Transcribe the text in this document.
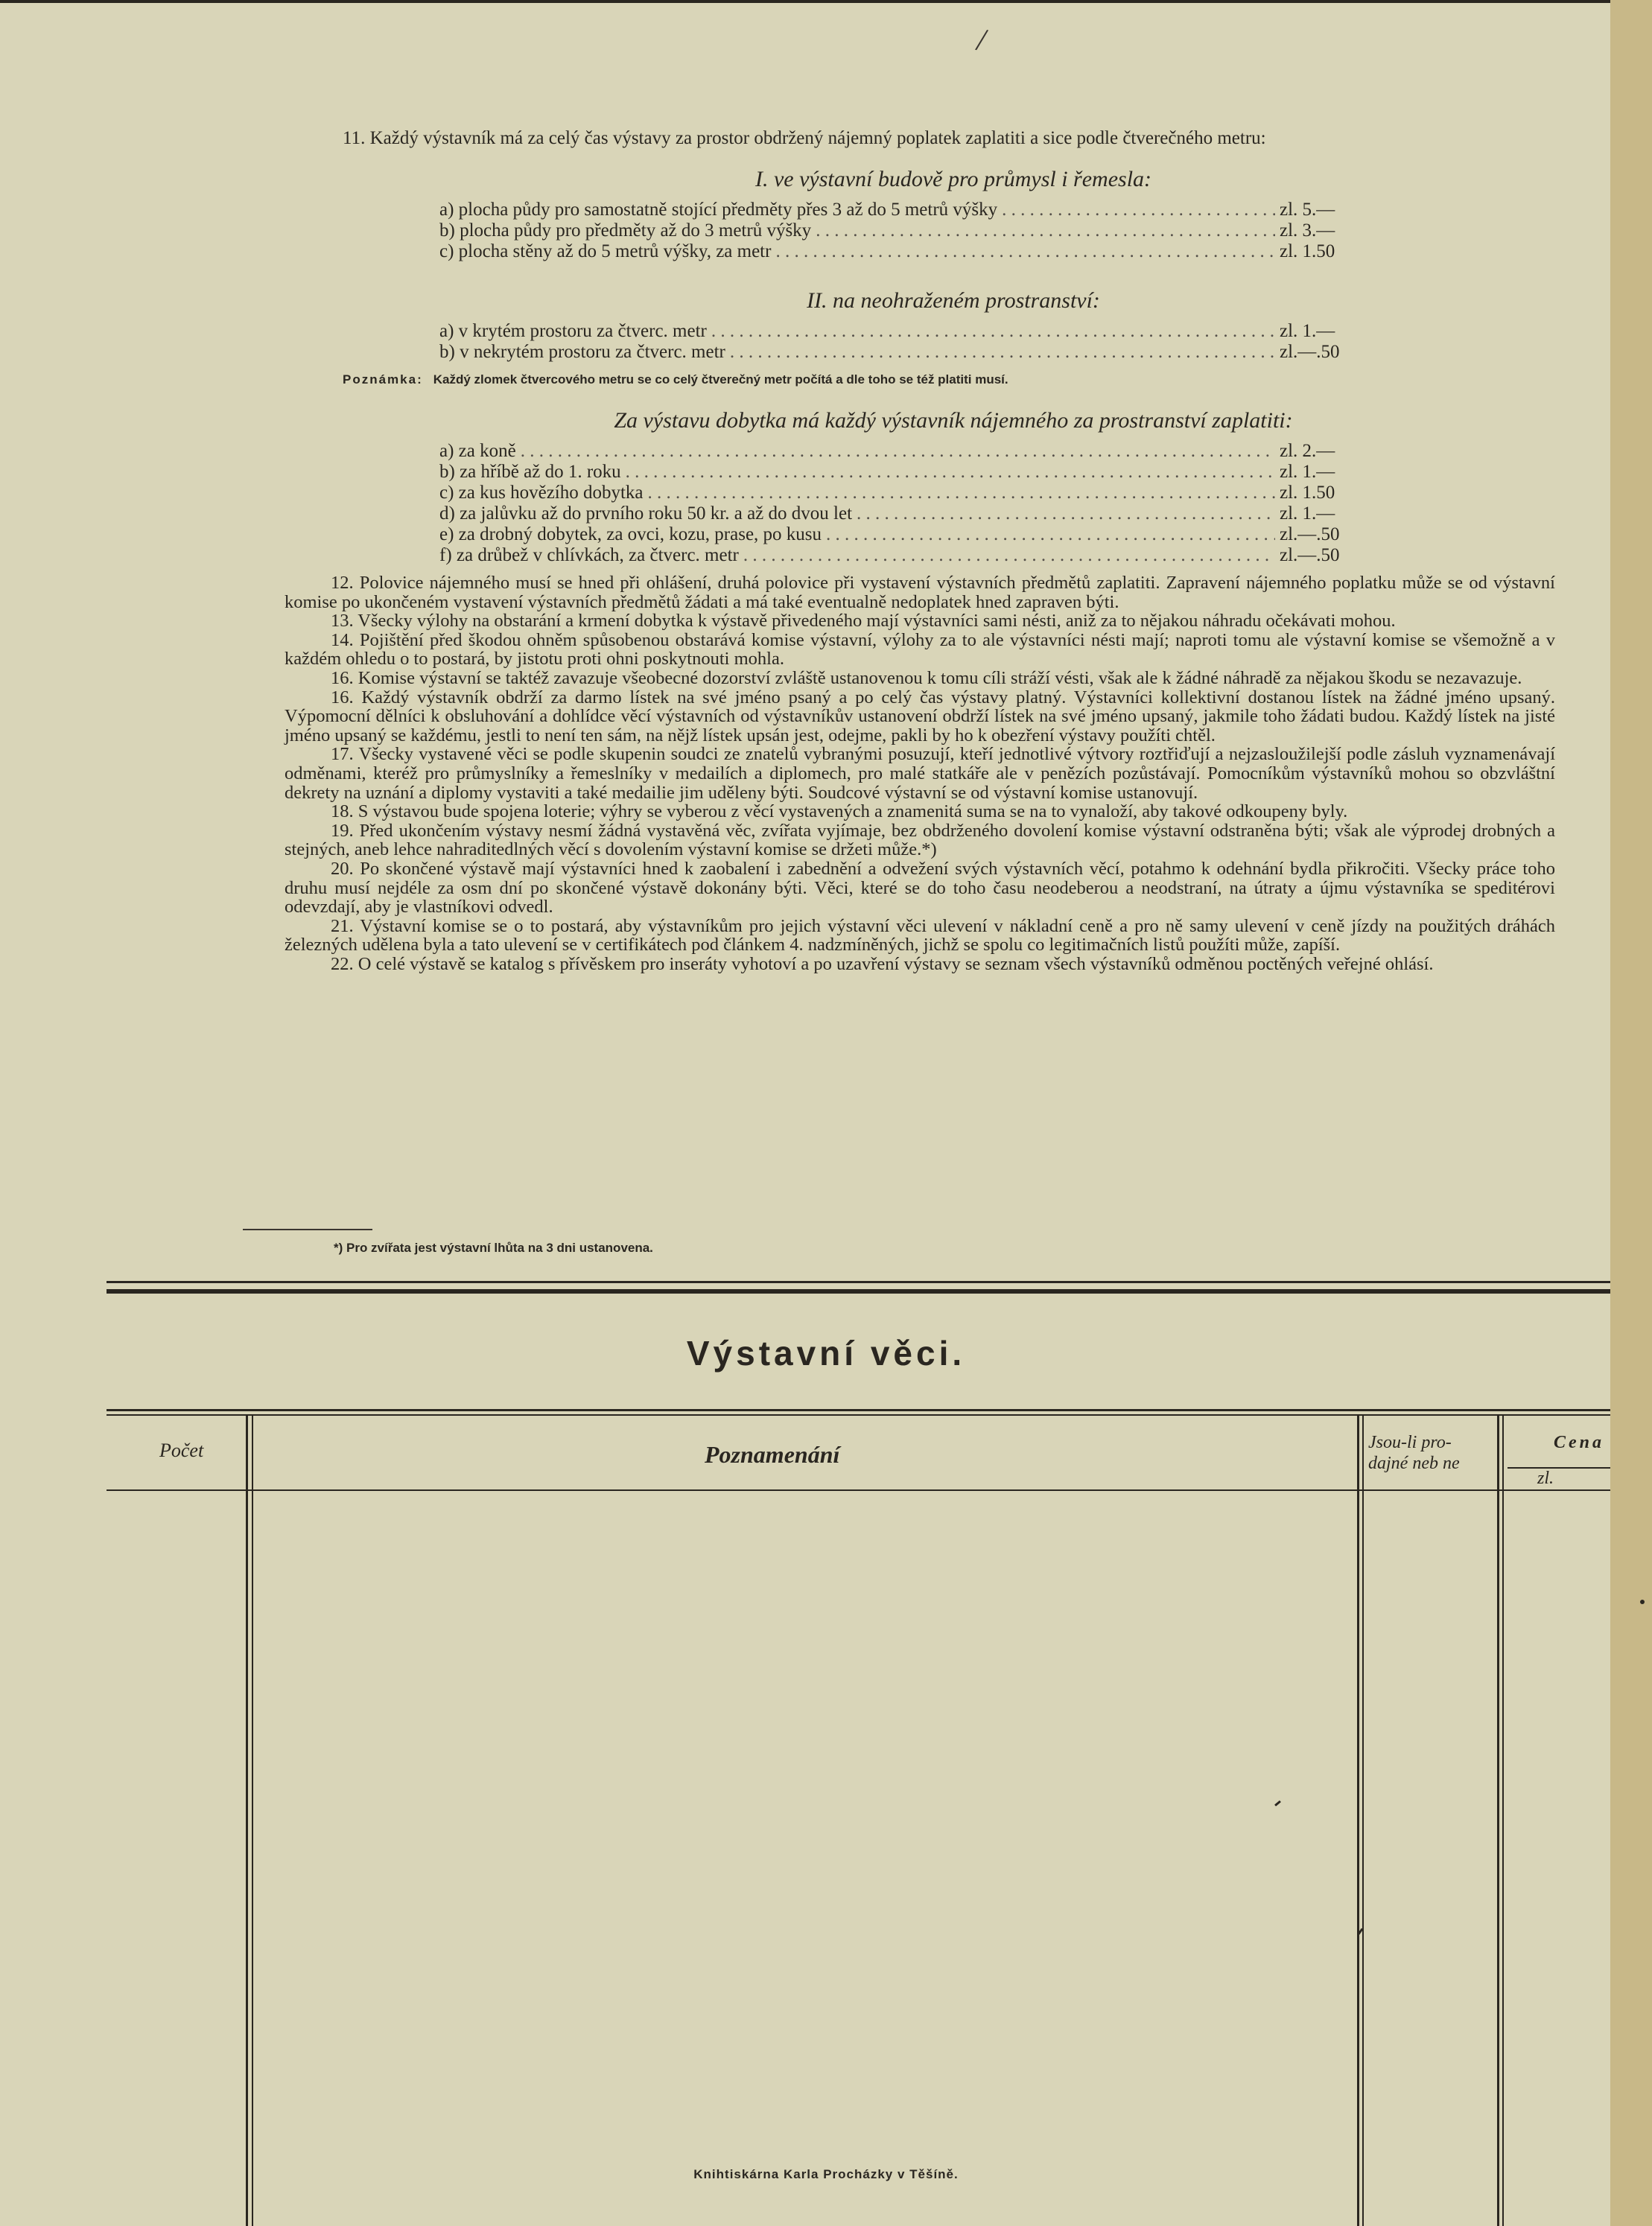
/
11. Každý výstavník má za celý čas výstavy za prostor obdržený nájemný poplatek zaplatiti a sice podle čtverečného metru:
I. ve výstavní budově pro průmysl i řemesla:
a) plocha půdy pro samostatně stojící předměty přes 3 až do 5 metrů výšky . . .	zl. 5.—
b) plocha půdy pro předměty až do 3 metrů výšky . . .	zl. 3.—
c) plocha stěny až do 5 metrů výšky, za metr . . .	zl. 1.50
II. na neohraženém prostranství:
a) v krytém prostoru za čtverc. metr . . .	zl. 1.—
b) v nekrytém prostoru za čtverc. metr . . .	zl.—.50
Poznámka: Každý zlomek čtvercového metru se co celý čtverečný metr počítá a dle toho se též platiti musí.
Za výstavu dobytka má každý výstavník nájemného za prostranství zaplatiti:
a) za koně . . .	zl. 2.—
b) za hříbě až do 1. roku . . .	zl. 1.—
c) za kus hovězího dobytka . . .	zl. 1.50
d) za jalůvku až do prvního roku 50 kr. a až do dvou let . . .	zl. 1.—
e) za drobný dobytek, za ovci, kozu, prase, po kusu . . .	zl.—.50
f) za drůbež v chlívkách, za čtverc. metr . . .	zl.—.50

12. Polovice nájemného musí se hned při ohlášení, druhá polovice při vystavení výstavních předmětů zaplatiti. Zapravení nájemného poplatku může se od výstavní komise po ukončeném vystavení výstavních předmětů žádati a má také eventualně nedoplatek hned zapraven býti.

13. Všecky výlohy na obstarání a krmení dobytka k výstavě přivedeného mají výstavníci sami nésti, aniž za to nějakou náhradu očekávati mohou.

14. Pojištění před škodou ohněm spůsobenou obstarává komise výstavní, výlohy za to ale výstavníci nésti mají; naproti tomu ale výstavní komise se všemožně a v každém ohledu o to postará, by jistotu proti ohni poskytnouti mohla.

16. Komise výstavní se taktéž zavazuje všeobecné dozorství zvláště ustanovenou k tomu cíli stráží vésti, však ale k žádné náhradě za nějakou škodu se nezavazuje.

16. Každý výstavník obdrží za darmo lístek na své jméno psaný a po celý čas výstavy platný. Výstavníci kollektivní dostanou lístek na žádné jméno upsaný. Výpomocní dělníci k obsluhování a dohlídce věcí výstavních od výstavníkův ustanovení obdrží lístek na své jméno upsaný, jakmile toho žádati budou. Každý lístek na jisté jméno upsaný se každému, jestli to není ten sám, na nějž lístek upsán jest, odejme, pakli by ho k obezření výstavy použíti chtěl.

17. Všecky vystavené věci se podle skupenin soudci ze znatelů vybranými posuzují, kteří jednotlivé výtvory roztřiďují a nejzasloužilejší podle zásluh vyznamenávají odměnami, kteréž pro průmyslníky a řemeslníky v medailích a diplomech, pro malé statkáře ale v penězích pozůstávají. Pomocníkům výstavníků mohou so obzvláštní dekrety na uznání a diplomy vystaviti a také medailie jim uděleny býti. Soudcové výstavní se od výstavní komise ustanovují.

18. S výstavou bude spojena loterie; výhry se vyberou z věcí vystavených a znamenitá suma se na to vynaloží, aby takové odkoupeny byly.

19. Před ukončením výstavy nesmí žádná vystavěná věc, zvířata vyjímaje, bez obdrženého dovolení komise výstavní odstraněna býti; však ale výprodej drobných a stejných, aneb lehce nahraditedlných věcí s dovolením výstavní komise se držeti může.*)

20. Po skončené výstavě mají výstavníci hned k zaobalení i zabednění a odvežení svých výstavních věcí, potahmo k odehnání bydla přikročiti. Všecky práce toho druhu musí nejdéle za osm dní po skončené výstavě dokonány býti. Věci, které se do toho času neodeberou a neodstraní, na útraty a újmu výstavníka se speditérovi odevzdají, aby je vlastníkovi odvedl.

21. Výstavní komise se o to postará, aby výstavníkům pro jejich výstavní věci ulevení v nákladní ceně a pro ně samy ulevení v ceně jízdy na použitých dráhách železných udělena byla a tato ulevení se v certifikátech pod článkem 4. nadzmíněných, jichž se spolu co legitimačních listů použíti může, zapíší.

22. O celé výstavě se katalog s přívěskem pro inseráty vyhotoví a po uzavření výstavy se seznam všech výstavníků odměnou poctěných veřejné ohlásí.

*) Pro zvířata jest výstavní lhůta na 3 dni ustanovena.
Výstavní věci.
Počet	Poznamenání	Jsou-li pro-
dajné neb ne
Cena
zl.
Knihtiskárna Karla Procházky v Těšíně.
